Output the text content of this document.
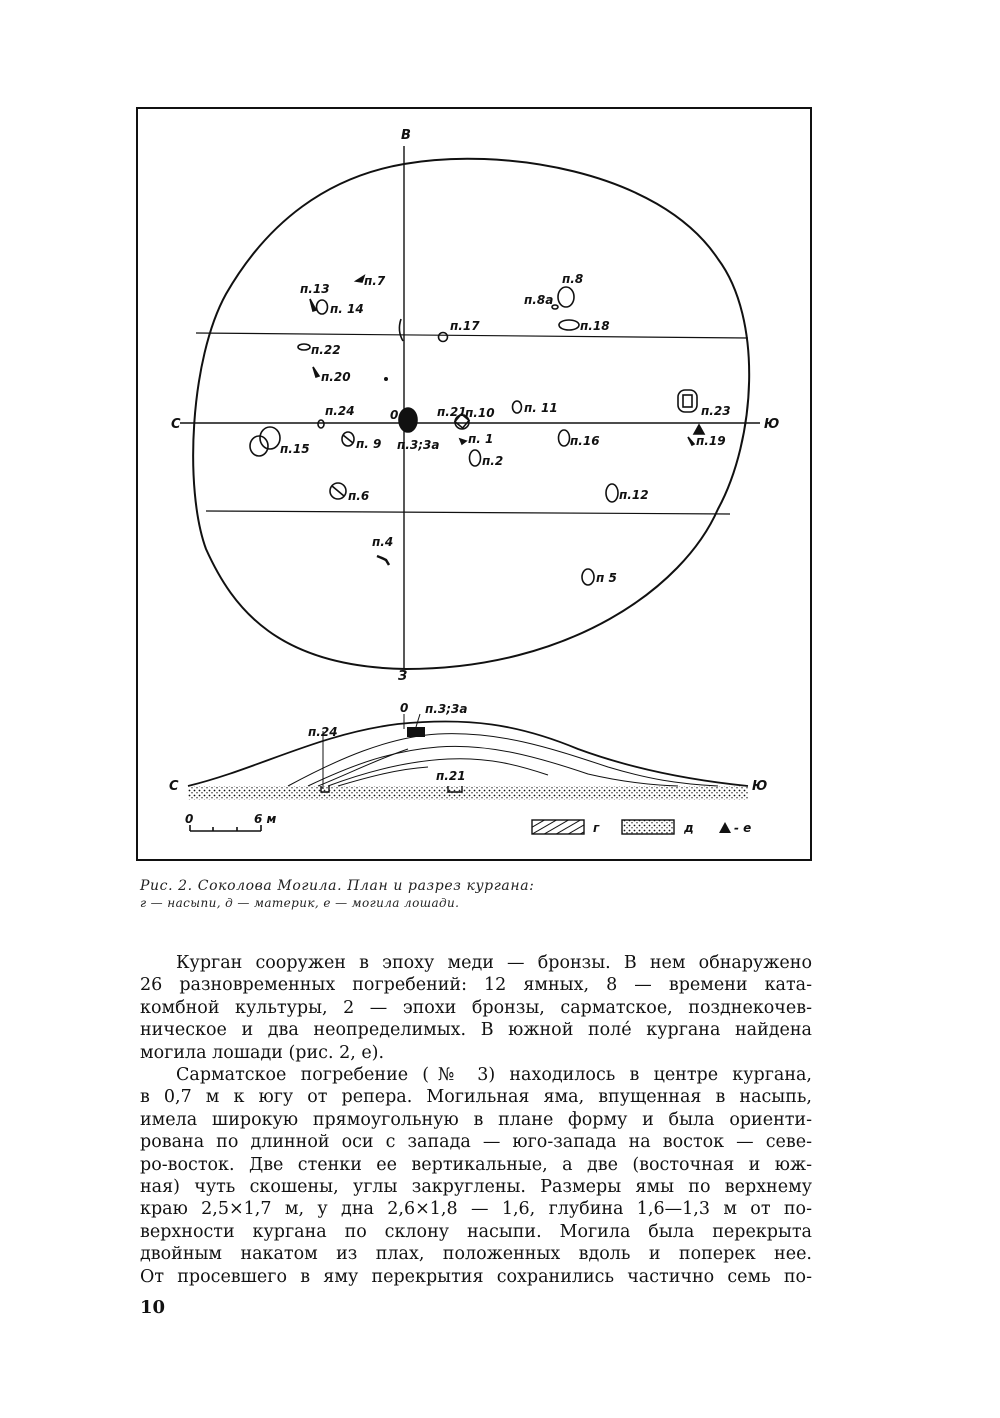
В
З
С	Ю
0
п.13
п.7
п. 14
п.8
п.8а
п.18
п.17
п.22
п.20
п.24	п.21
п.10 п. 11	п.23
п.15	п. 9 п.3;3а п. 1	п.16	п.19
п.2
п.6	п.12
п.4
п 5
0 п.3;3а
п.24
п.21
С	Ю
0	6 м
г	д	- е
Рис. 2. Соколова Могила. План и разрез кургана:
г — насыпи, д — материк, е — могила лошади.
Курган сооружен в эпоху меди — бронзы. В нем обнаружено
26 разновременных погребений: 12 ямных, 8 — времени ката-
комбной культуры, 2 — эпохи бронзы, сарматское, позднекочев-
ническое и два неопределимых. В южной полé кургана найдена
могила лошади (рис. 2, е).
Сарматское погребение (№ 3) находилось в центре кургана,
в 0,7 м к югу от репера. Могильная яма, впущенная в насыпь,
имела широкую прямоугольную в плане форму и была ориенти-
рована по длинной оси с запада — юго-запада на восток — севе-
ро-восток. Две стенки ее вертикальные, а две (восточная и юж-
ная) чуть скошены, углы закруглены. Размеры ямы по верхнему
краю 2,5×1,7 м, у дна 2,6×1,8 — 1,6, глубина 1,6—1,3 м от по-
верхности кургана по склону насыпи. Могила была перекрыта
двойным накатом из плах, положенных вдоль и поперек нее.
От просевшего в яму перекрытия сохранились частично семь по-
10
